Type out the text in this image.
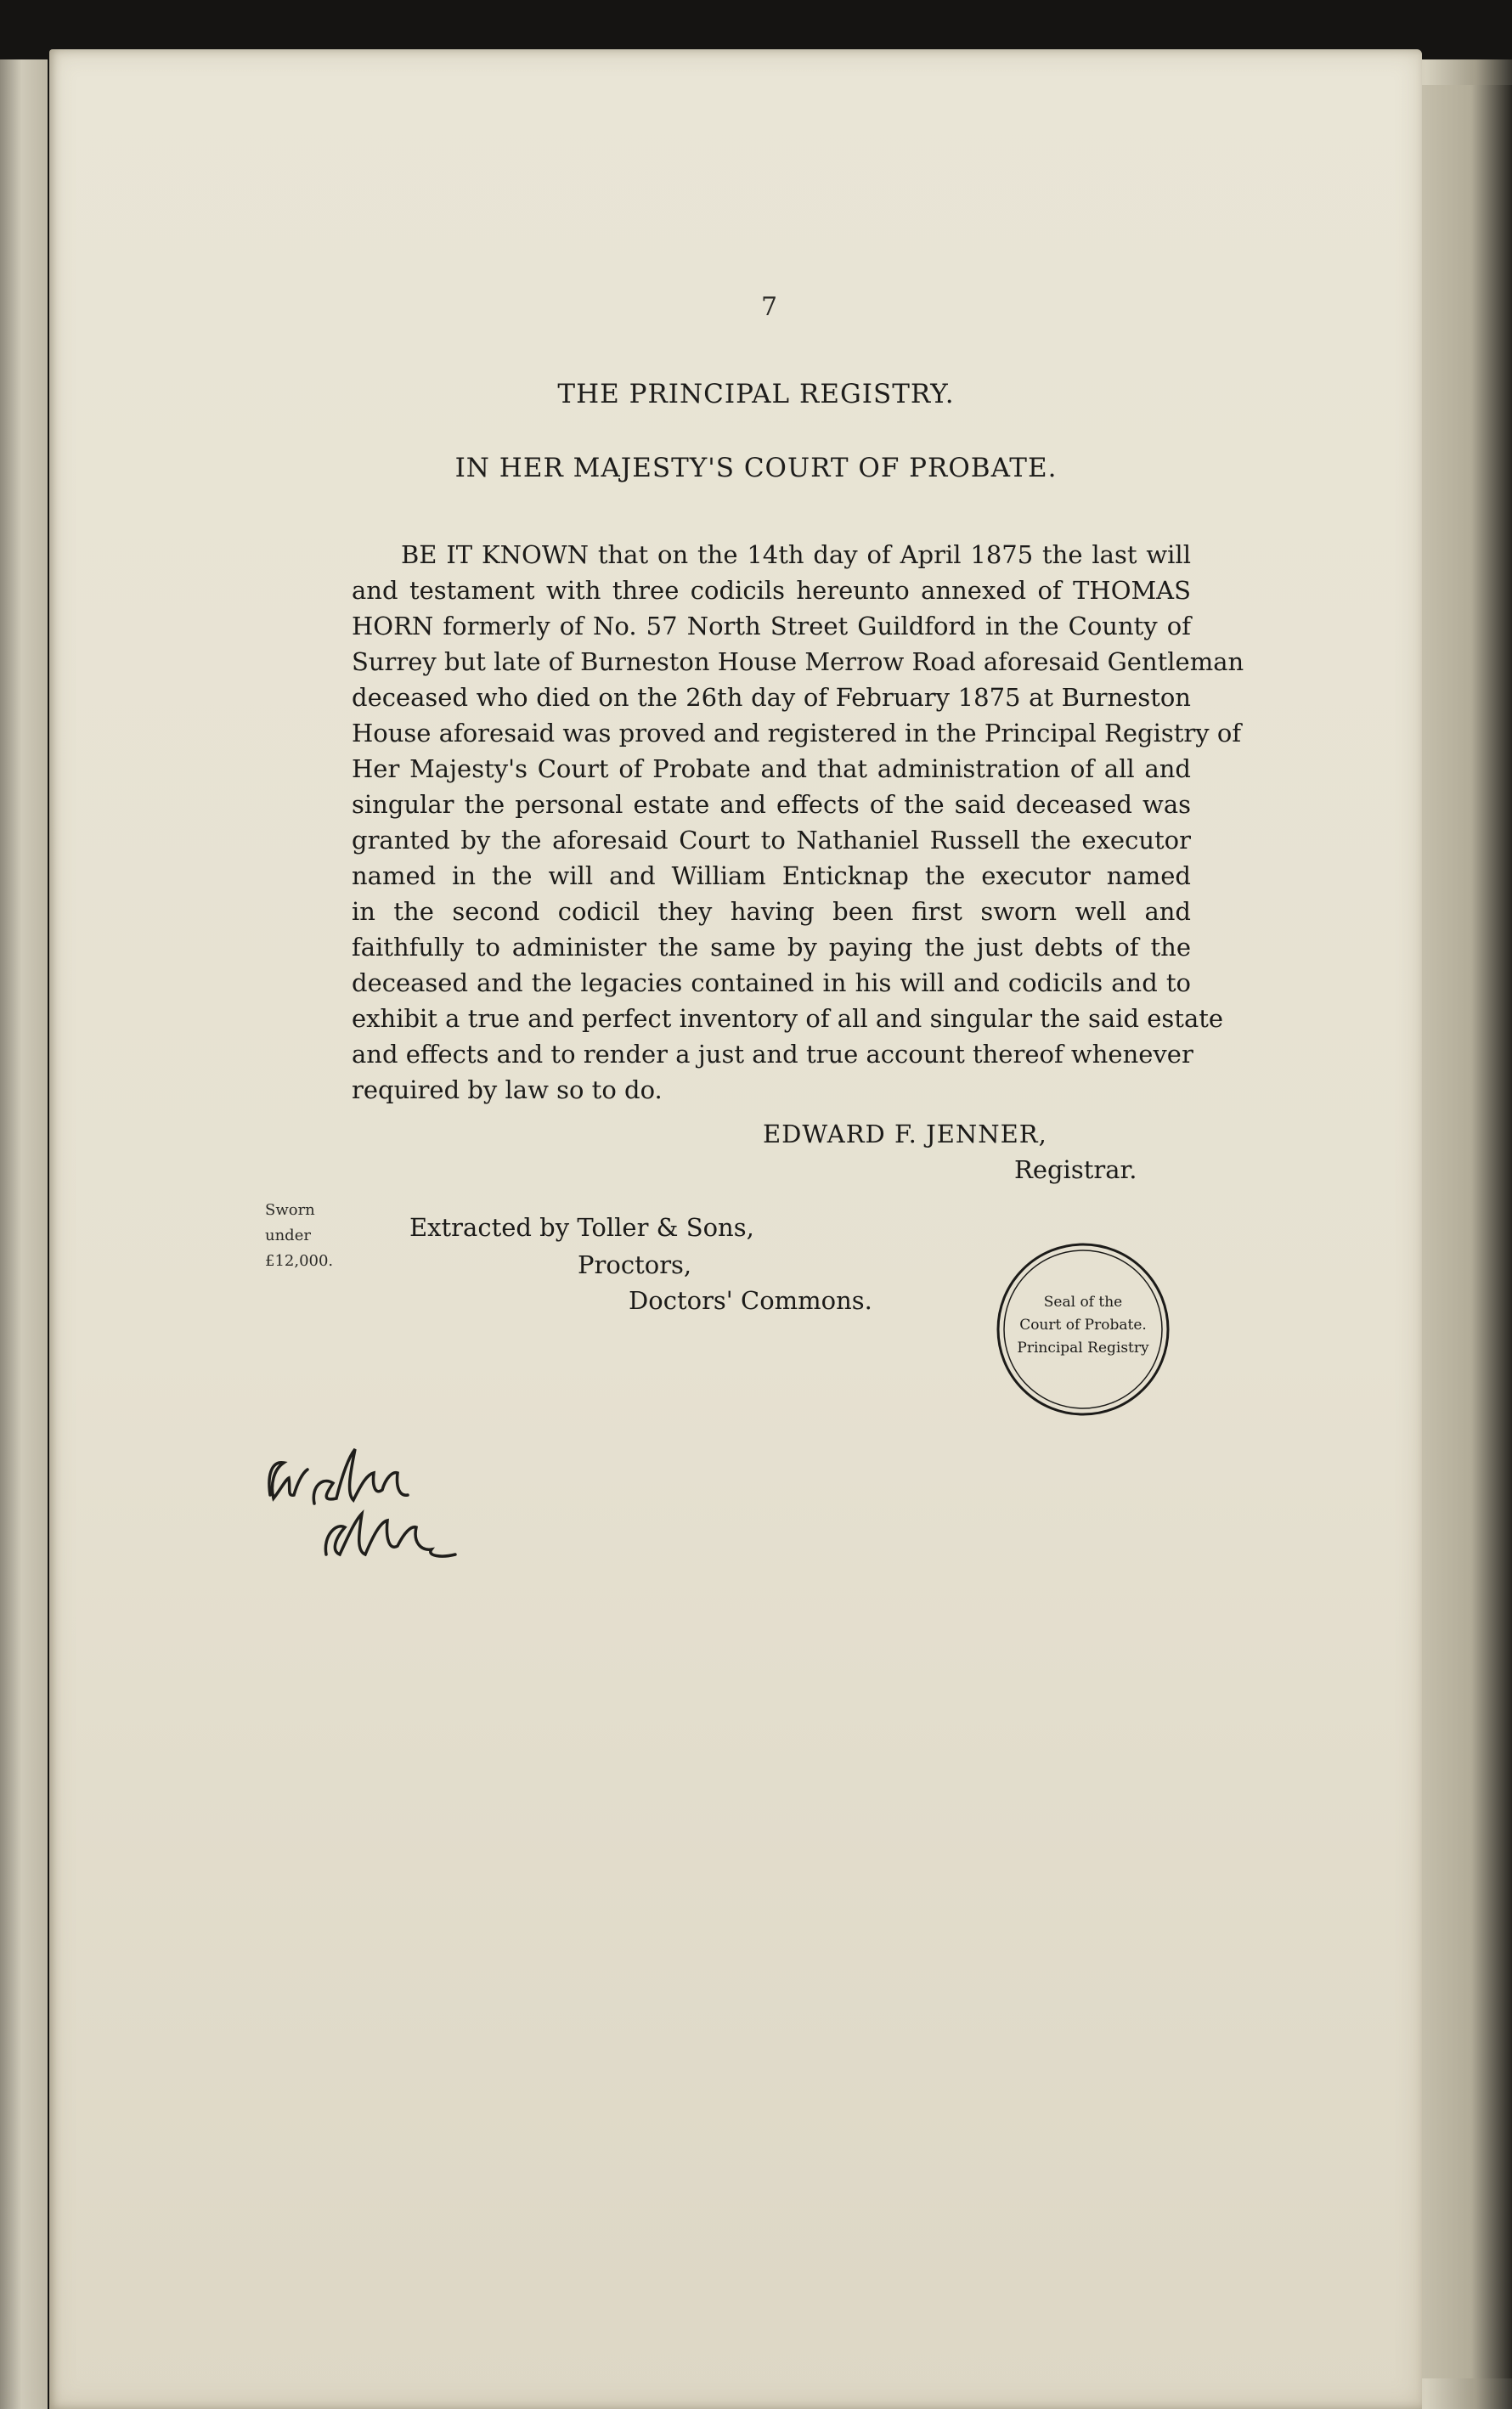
7
THE PRINCIPAL REGISTRY.
IN HER MAJESTY'S COURT OF PROBATE.
BE IT KNOWN that on the 14th day of April 1875 the last will
and testament with three codicils hereunto annexed of THOMAS
HORN formerly of No. 57 North Street Guildford in the County of
Surrey but late of Burneston House Merrow Road aforesaid Gentleman
deceased who died on the 26th day of February 1875 at Burneston
House aforesaid was proved and registered in the Principal Registry of
Her Majesty's Court of Probate and that administration of all and
singular the personal estate and effects of the said deceased was
granted by the aforesaid Court to Nathaniel Russell the executor
named in the will and William Enticknap the executor named
in the second codicil they having been first sworn well and
faithfully to administer the same by paying the just debts of the
deceased and the legacies contained in his will and codicils and to
exhibit a true and perfect inventory of all and singular the said estate
and effects and to render a just and true account thereof whenever
required by law so to do.
EDWARD F. JENNER,
Registrar.
Sworn
under
£12,000.
Extracted by Toller & Sons,
Proctors,
Doctors' Commons.	Seal of the
Court of Probate.
Principal Registry
